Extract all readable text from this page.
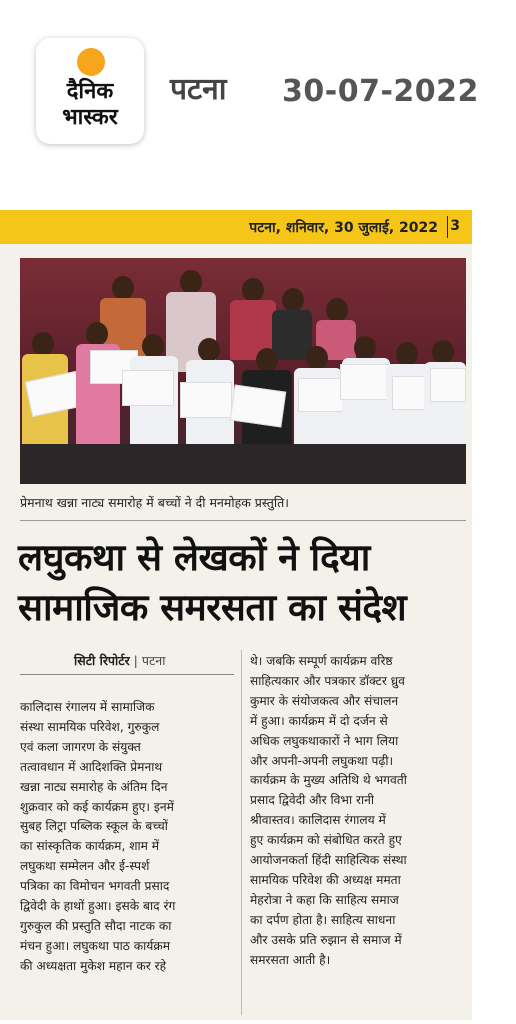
दैनिक
भास्कर
पटना 30-07-2022
पटना, शनिवार, 30 जुलाई, 2022 3
प्रेमनाथ खन्ना नाट्य समारोह में बच्चों ने दी मनमोहक प्रस्तुति।
लघुकथा से लेखकों ने दिया
सामाजिक समरसता का संदेश
सिटी रिपोर्टर | पटना

कालिदास रंगालय में सामाजिक

संस्था सामयिक परिवेश, गुरुकुल

एवं कला जागरण के संयुक्त

तत्वावधान में आदिशक्ति प्रेमनाथ

खन्ना नाट्य समारोह के अंतिम दिन

शुक्रवार को कई कार्यक्रम हुए। इनमें

सुबह लिट्रा पब्लिक स्कूल के बच्चों

का सांस्कृतिक कार्यक्रम, शाम में

लघुकथा सम्मेलन और ई-स्पर्श

पत्रिका का विमोचन भगवती प्रसाद

द्विवेदी के हाथों हुआ। इसके बाद रंग

गुरुकुल की प्रस्तुति सौदा नाटक का

मंचन हुआ। लघुकथा पाठ कार्यक्रम

की अध्यक्षता मुकेश महान कर रहे

थे। जबकि सम्पूर्ण कार्यक्रम वरिष्ठ

साहित्यकार और पत्रकार डॉक्टर ध्रुव

कुमार के संयोजकत्व और संचालन

में हुआ। कार्यक्रम में दो दर्जन से

अधिक लघुकथाकारों ने भाग लिया

और अपनी-अपनी लघुकथा पढ़ी।

कार्यक्रम के मुख्य अतिथि थे भगवती

प्रसाद द्विवेदी और विभा रानी

श्रीवास्तव। कालिदास रंगालय में

हुए कार्यक्रम को संबोधित करते हुए

आयोजनकर्ता हिंदी साहित्यिक संस्था

सामयिक परिवेश की अध्यक्ष ममता

मेहरोत्रा ने कहा कि साहित्य समाज

का दर्पण होता है। साहित्य साधना

और उसके प्रति रुझान से समाज में

समरसता आती है।
